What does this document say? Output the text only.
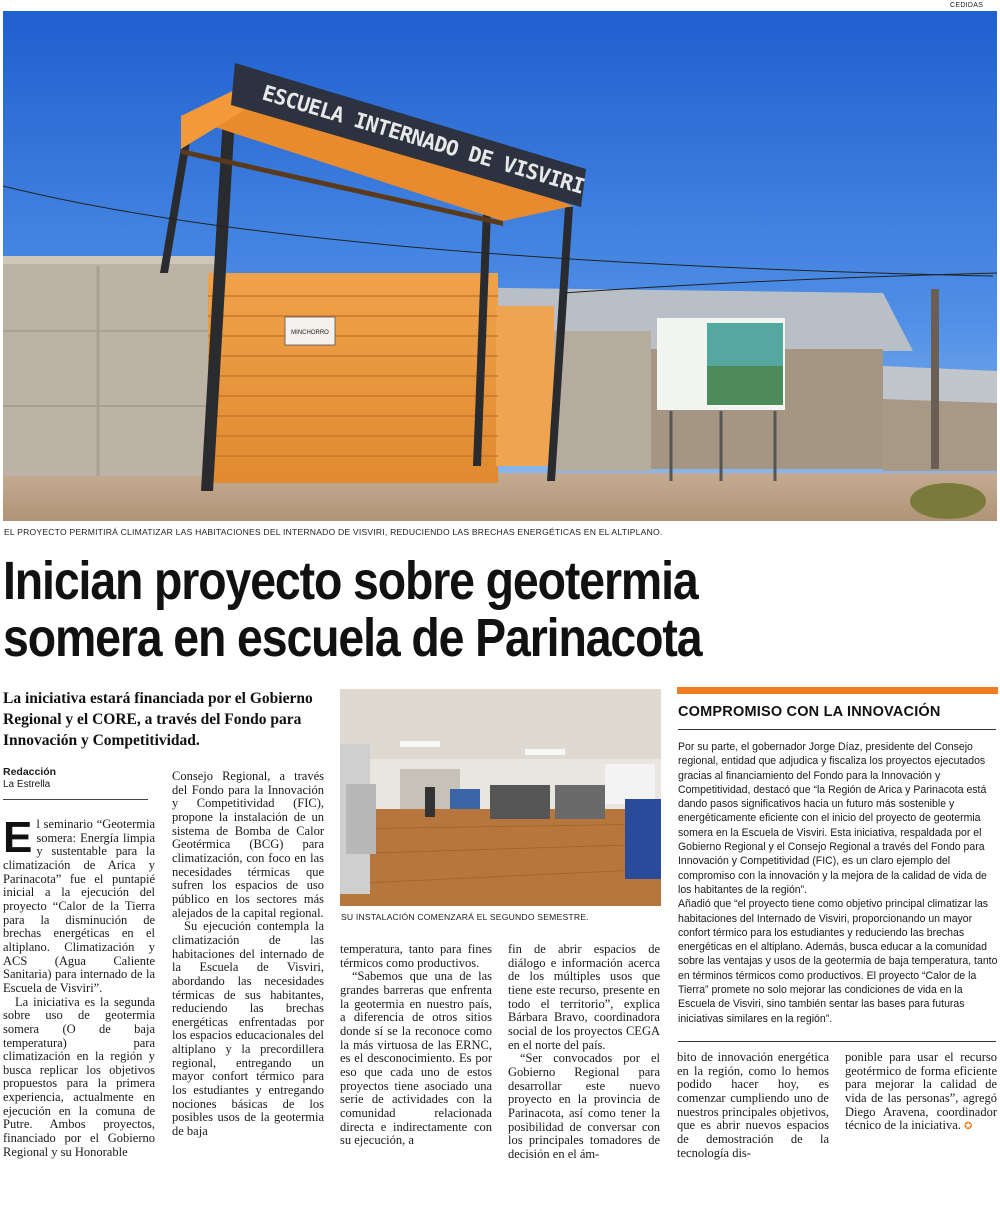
CEDIDAS
MINCHORRO
ESCUELA INTERNADO DE VISVIRI
EL PROYECTO PERMITIRÁ CLIMATIZAR LAS HABITACIONES DEL INTERNADO DE VISVIRI, REDUCIENDO LAS BRECHAS ENERGÉTICAS EN EL ALTIPLANO.
Inician proyecto sobre geotermia
somera en escuela de Parinacota
La iniciativa estará financiada por el Gobierno Regional y el CORE, a través del Fondo para Innovación y Competitividad.
Redacción
La Estrella
E l seminario “Geotermia somera: Energía limpia y sustentable para la climatización de Arica y Parinacota” fue el puntapié inicial a la ejecución del proyecto “Calor de la Tierra para la disminución de brechas energéticas en el altiplano. Climatización y ACS (Agua Caliente Sanitaria) para internado de la Escuela de Visviri”.

La iniciativa es la segunda sobre uso de geotermia somera (O de baja temperatura) para climatización en la región y busca replicar los objetivos propuestos para la primera experiencia, actualmente en ejecución en la comuna de Putre. Ambos proyectos, financiado por el Gobierno Regional y su Honorable

Consejo Regional, a través del Fondo para la Innovación y Competitividad (FIC), propone la instalación de un sistema de Bomba de Calor Geotérmica (BCG) para climatización, con foco en las necesidades térmicas que sufren los espacios de uso público en los sectores más alejados de la capital regional.

Su ejecución contempla la climatización de las habitaciones del internado de la Escuela de Visviri, abordando las necesidades térmicas de sus habitantes, reduciendo las brechas energéticas enfrentadas por los espacios educacionales del altiplano y la precordillera regional, entregando un mayor confort térmico para los estudiantes y entregando nociones básicas de los posibles usos de la geotermia de baja

SU INSTALACIÓN COMENZARÁ EL SEGUNDO SEMESTRE.

temperatura, tanto para fines térmicos como productivos.

“Sabemos que una de las grandes barreras que enfrenta la geotermia en nuestro país, a diferencia de otros sitios donde sí se la reconoce como la más virtuosa de las ERNC, es el desconocimiento. Es por eso que cada uno de estos proyectos tiene asociado una serie de actividades con la comunidad relacionada directa e indirectamente con su ejecución, a

fin de abrir espacios de diálogo e información acerca de los múltiples usos que tiene este recurso, presente en todo el territorio”, explica Bárbara Bravo, coordinadora social de los proyectos CEGA en el norte del país.

“Ser convocados por el Gobierno Regional para desarrollar este nuevo proyecto en la provincia de Parinacota, así como tener la posibilidad de conversar con los principales tomadores de decisión en el ám-

COMPROMISO CON LA INNOVACIÓN

Por su parte, el gobernador Jorge Díaz, presidente del Consejo regional, entidad que adjudica y fiscaliza los proyectos ejecutados gracias al financiamiento del Fondo para la Innovación y Competitividad, destacó que “la Región de Arica y Parinacota está dando pasos significativos hacia un futuro más sostenible y energéticamente eficiente con el inicio del proyecto de geotermia somera en la Escuela de Visviri. Esta iniciativa, respaldada por el Gobierno Regional y el Consejo Regional a través del Fondo para Innovación y Competitividad (FIC), es un claro ejemplo del compromiso con la innovación y la mejora de la calidad de vida de los habitantes de la región”.

Añadió que “el proyecto tiene como objetivo principal climatizar las habitaciones del Internado de Visviri, proporcionando un mayor confort térmico para los estudiantes y reduciendo las brechas energéticas en el altiplano. Además, busca educar a la comunidad sobre las ventajas y usos de la geotermia de baja temperatura, tanto en términos térmicos como productivos. El proyecto “Calor de la Tierra” promete no solo mejorar las condiciones de vida en la Escuela de Visviri, sino también sentar las bases para futuras iniciativas similares en la región”.

bito de innovación energética en la región, como lo hemos podido hacer hoy, es comenzar cumpliendo uno de nuestros principales objetivos, que es abrir nuevos espacios de demostración de la tecnología dis-

ponible para usar el recurso geotérmico de forma eficiente para mejorar la calidad de vida de las personas”, agregó Diego Aravena, coordinador técnico de la iniciativa. ✪
